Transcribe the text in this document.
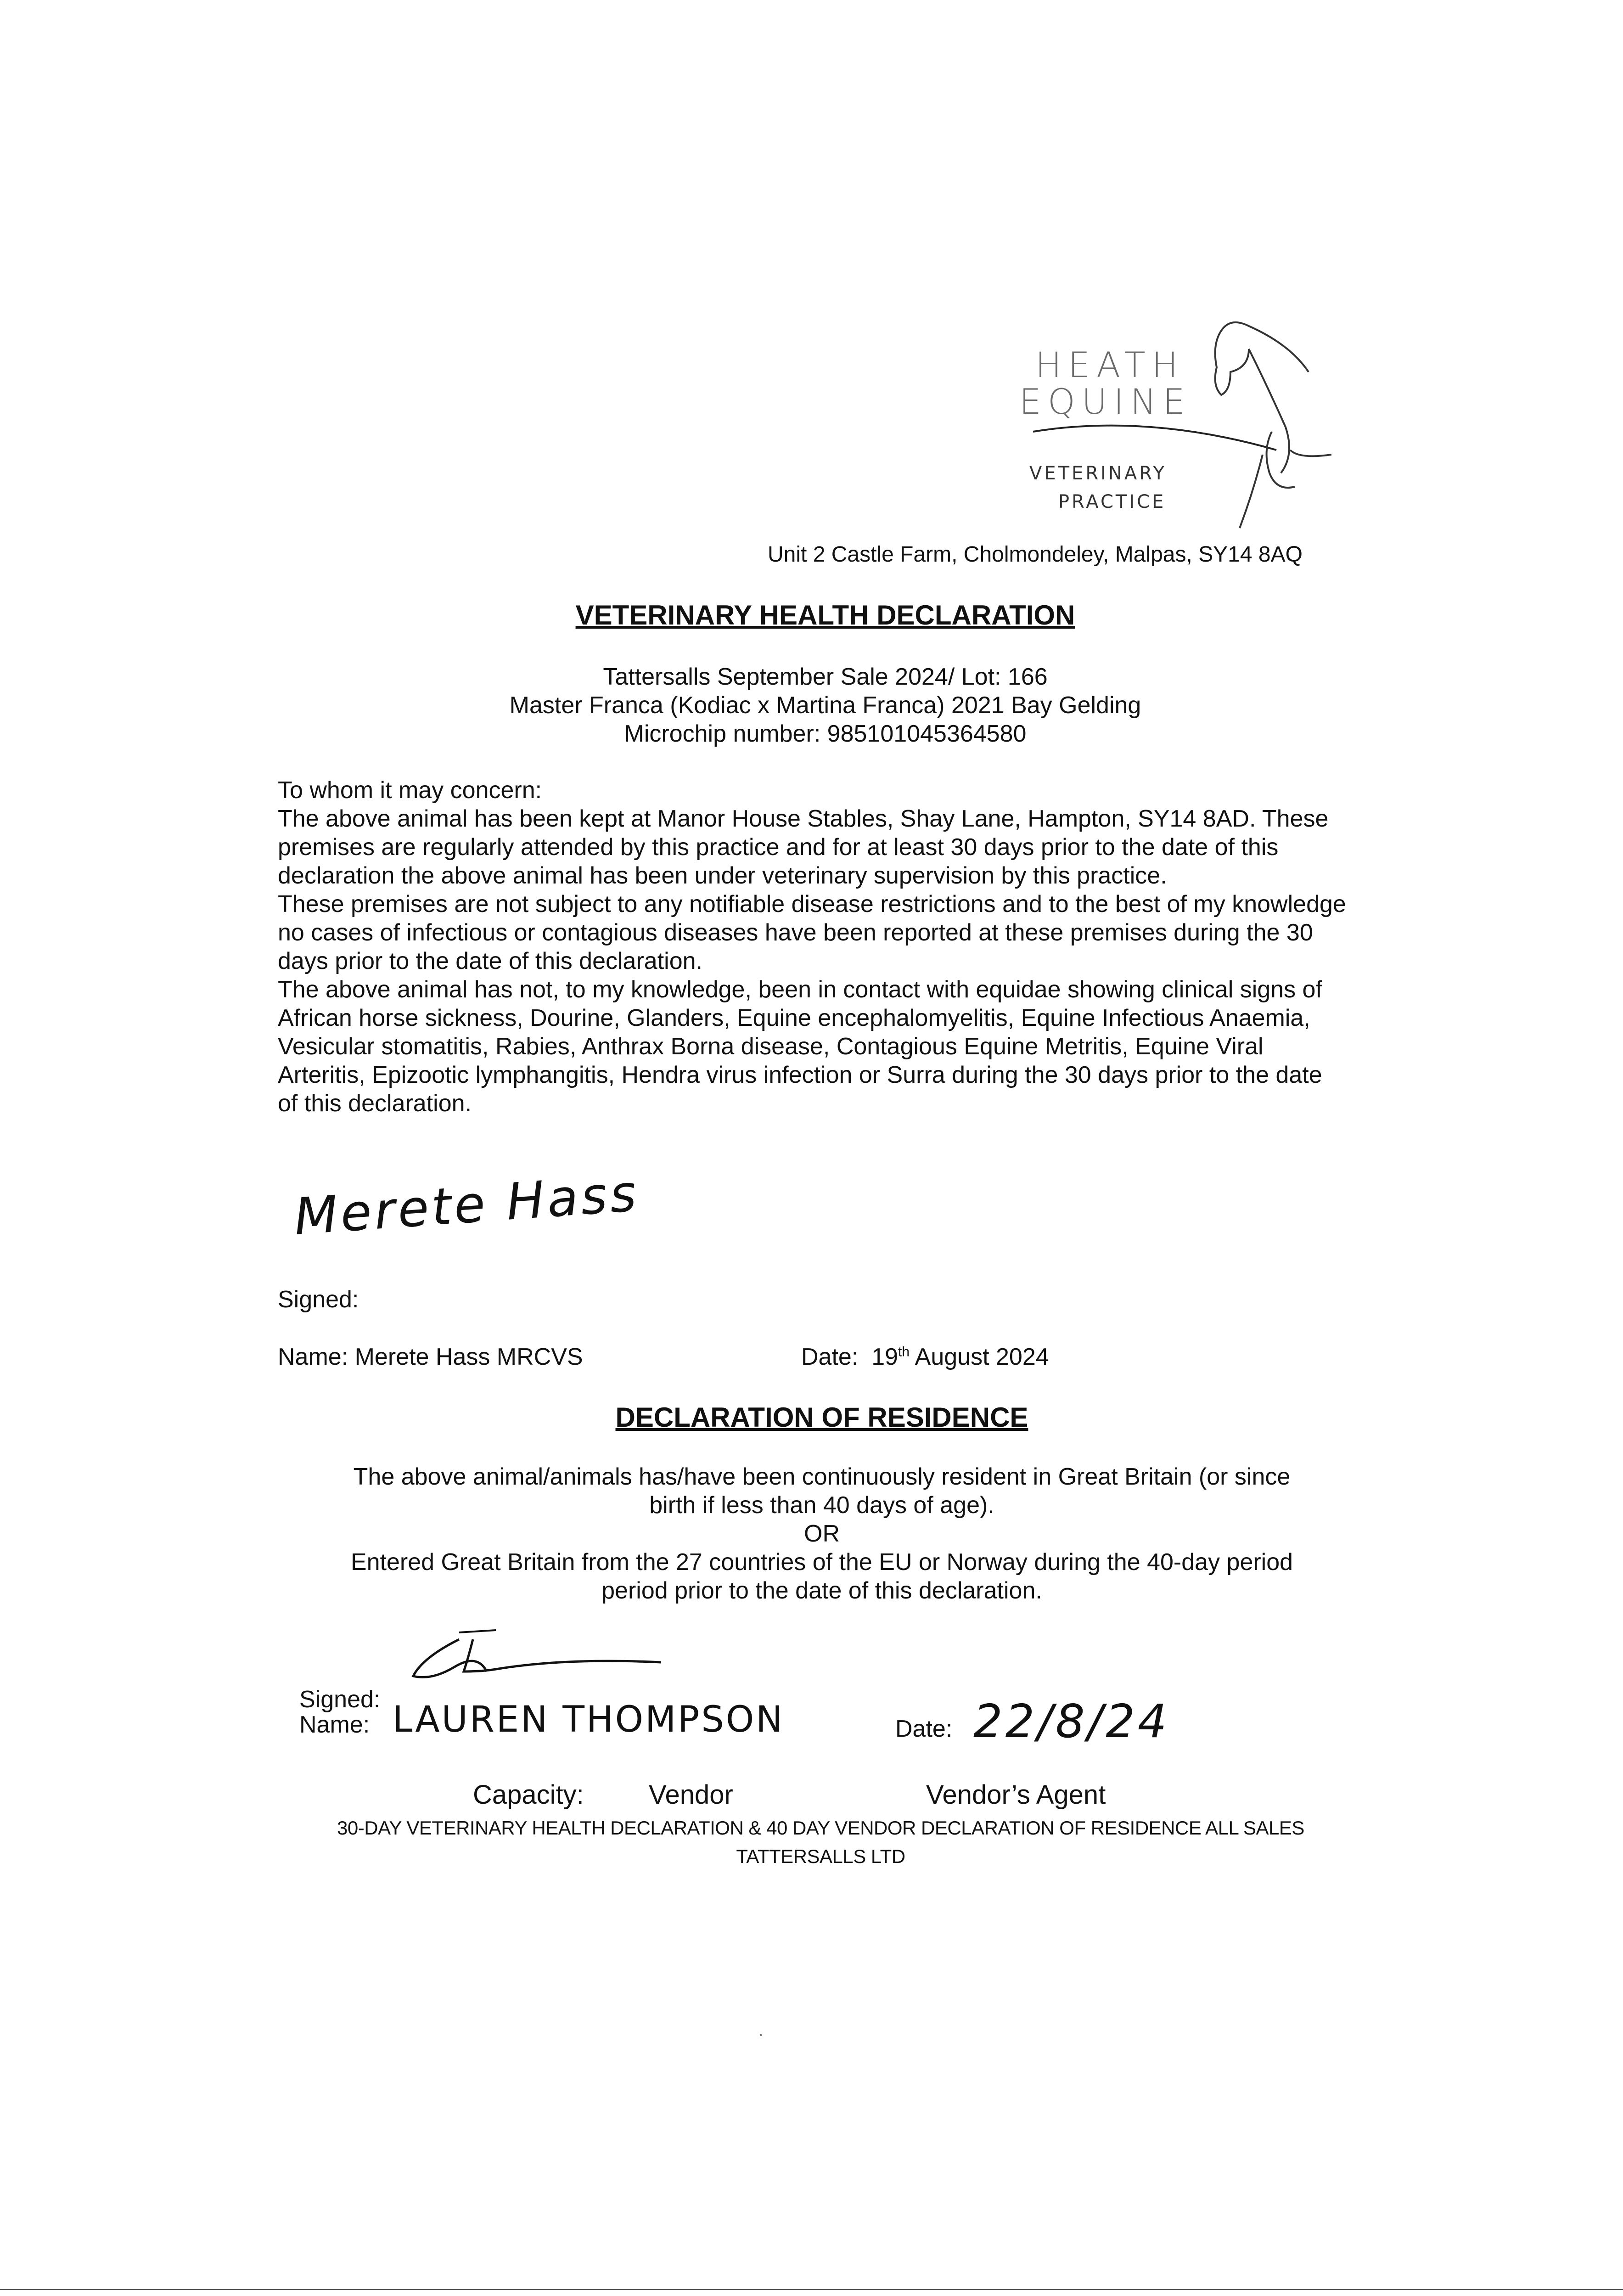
HEATH
EQUINE
VETERINARY
PRACTICE
Unit 2 Castle Farm, Cholmondeley, Malpas, SY14 8AQ
VETERINARY HEALTH DECLARATION
Tattersalls September Sale 2024/ Lot: 166
Master Franca (Kodiac x Martina Franca) 2021 Bay Gelding
Microchip number: 985101045364580

To whom it may concern:

The above animal has been kept at Manor House Stables, Shay Lane, Hampton, SY14 8AD. These premises are regularly attended by this practice and for at least 30 days prior to the date of this declaration the above animal has been under veterinary supervision by this practice.

These premises are not subject to any notifiable disease restrictions and to the best of my knowledge no cases of infectious or contagious diseases have been reported at these premises during the 30 days prior to the date of this declaration.

The above animal has not, to my knowledge, been in contact with equidae showing clinical signs of African horse sickness, Dourine, Glanders, Equine encephalomyelitis, Equine Infectious Anaemia, Vesicular stomatitis, Rabies, Anthrax Borna disease, Contagious Equine Metritis, Equine Viral Arteritis, Epizootic lymphangitis, Hendra virus infection or Surra during the 30 days prior to the date of this declaration.

Merete Hass
Signed:
Name: Merete Hass MRCVS	Date: 19th August 2024
DECLARATION OF RESIDENCE
The above animal/animals has/have been continuously resident in Great Britain (or since
birth if less than 40 days of age).
OR
Entered Great Britain from the 27 countries of the EU or Norway during the 40-day period
period prior to the date of this declaration.
Signed:
Name: LAUREN THOMPSON	Date: 22/8/24
Capacity: Vendor	Vendor’s Agent
30-DAY VETERINARY HEALTH DECLARATION & 40 DAY VENDOR DECLARATION OF RESIDENCE ALL SALES
TATTERSALLS LTD
